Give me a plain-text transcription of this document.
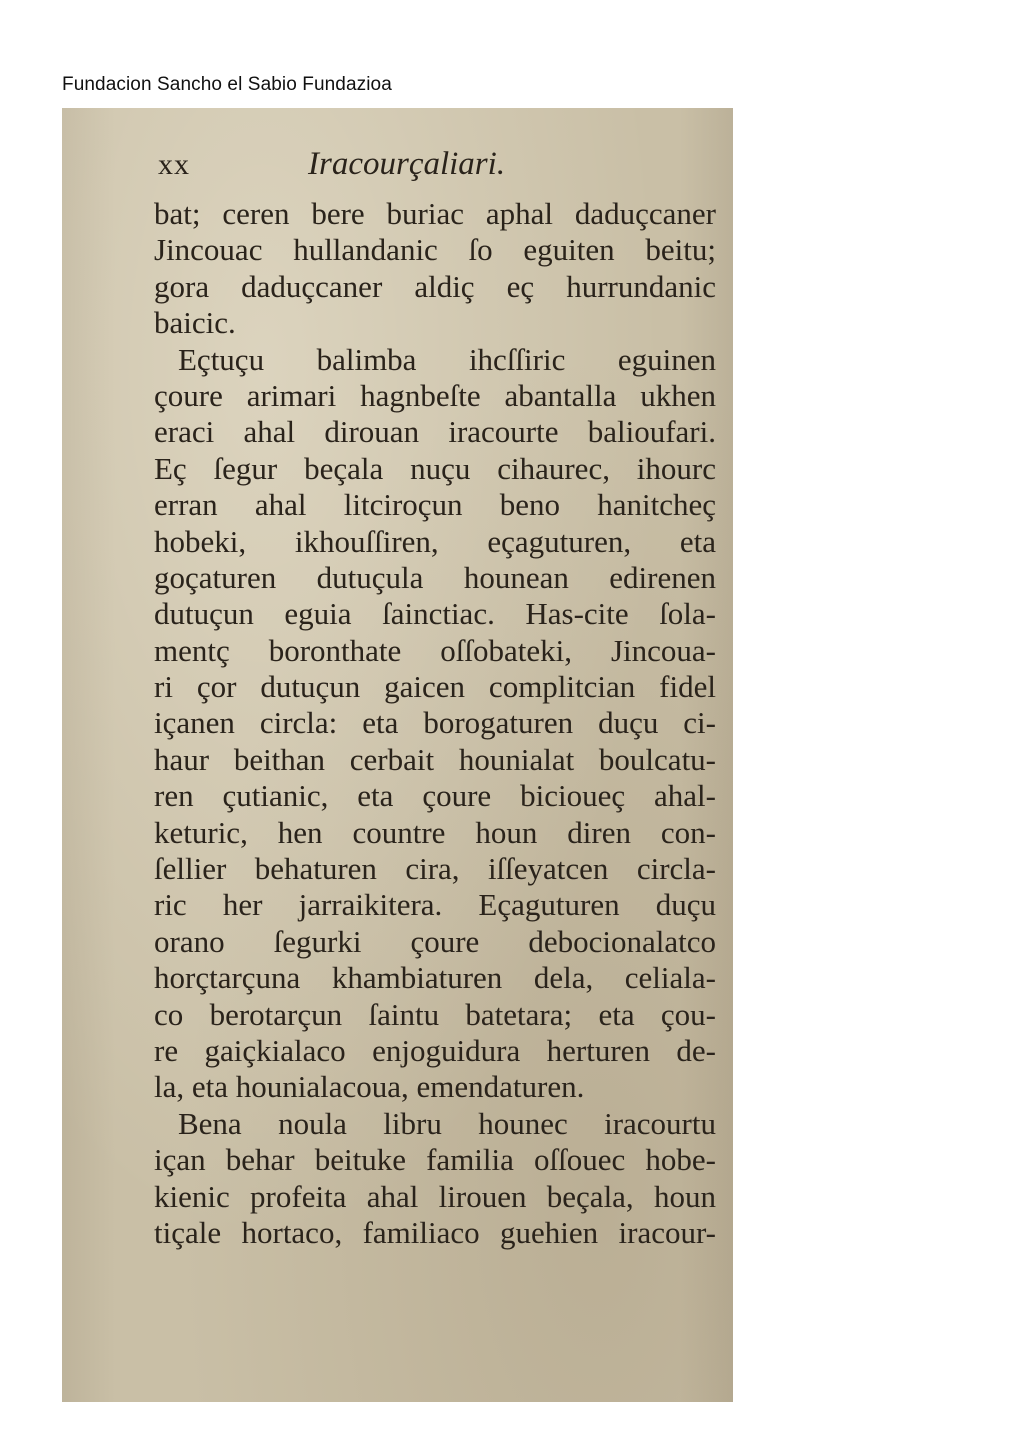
Fundacion Sancho el Sabio Fundazioa
xx	Iracourçaliari.
bat; ceren bere buriac aphal daduçcaner
Jincouac hullandanic ſo eguiten beitu;
gora daduçcaner aldiç eç hurrundanic
baicic.
Eçtuçu balimba ihcſſiric eguinen
çoure arimari hagnbeſte abantalla ukhen
eraci ahal dirouan iracourte balioufari.
Eç ſegur beçala nuçu cihaurec, ihourc
erran ahal litciroçun beno hanitcheç
hobeki, ikhouſſiren, eçaguturen, eta
goçaturen dutuçula hounean edirenen
dutuçun eguia ſainctiac. Has-cite ſola-
mentç boronthate oſſobateki, Jincoua-
ri çor dutuçun gaicen complitcian fidel
içanen circla: eta borogaturen duçu ci-
haur beithan cerbait hounialat boulcatu-
ren çutianic, eta çoure bicioueç ahal-
keturic, hen countre houn diren con-
ſellier behaturen cira, iſſeyatcen circla-
ric her jarraikitera. Eçaguturen duçu
orano ſegurki çoure debocionalatco
horçtarçuna khambiaturen dela, celiala-
co berotarçun ſaintu batetara; eta çou-
re gaiçkialaco enjoguidura herturen de-
la, eta hounialacoua, emendaturen.
Bena noula libru hounec iracourtu
içan behar beituke familia oſſouec hobe-
kienic profeita ahal lirouen beçala, houn
tiçale hortaco, familiaco guehien iracour-
